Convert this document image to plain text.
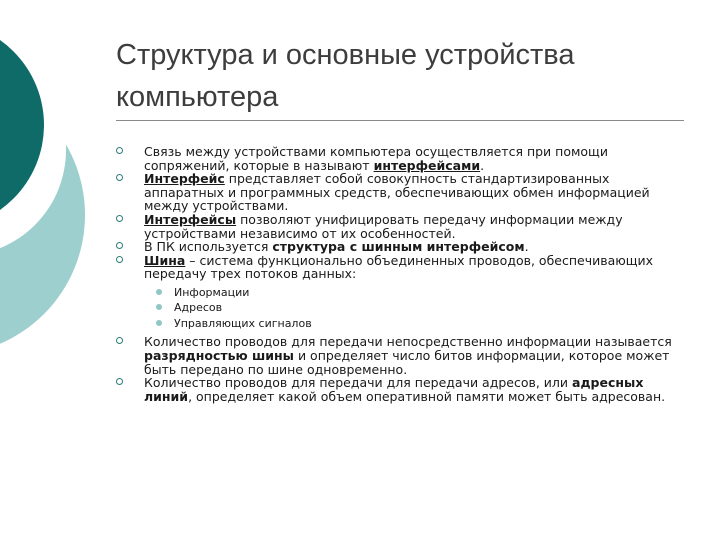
Структура и основные устройства компьютера
Связь между устройствами компьютера осуществляется при помощи сопряжений, которые в называют интерфейсами.
Интерфейс представляет собой совокупность стандартизированных аппаратных и программных средств, обеспечивающих обмен информацией между устройствами.
Интерфейсы позволяют унифицировать передачу информации между устройствами независимо от их особенностей.
В ПК используется структура с шинным интерфейсом.
Шина – система функционально объединенных проводов, обеспечивающих передачу трех потоков данных:
Информации
Адресов
Управляющих сигналов
Количество проводов для передачи непосредственно информации называется разрядностью шины и определяет число битов информации, которое может быть передано по шине одновременно.
Количество проводов для передачи для передачи адресов, или адресных линий, определяет какой объем оперативной памяти может быть адресован.
